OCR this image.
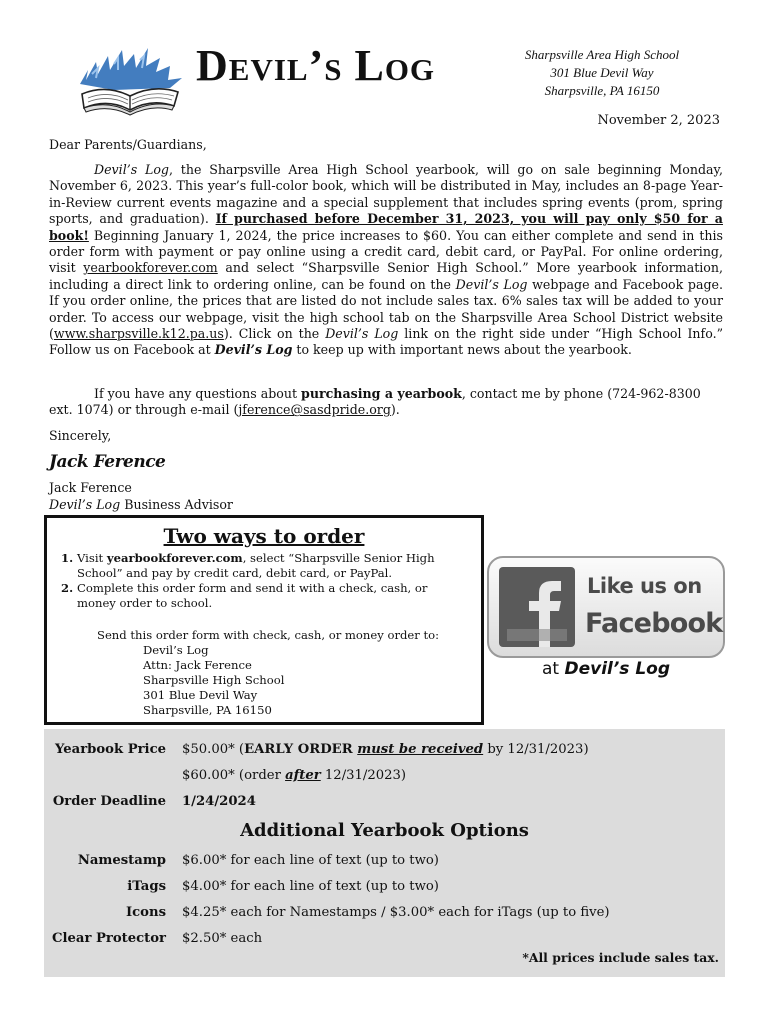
Devil’s Log	Sharpsville Area High School
301 Blue Devil Way
Sharpsville, PA 16150
November 2, 2023
Dear Parents/Guardians,
Devil’s Log, the Sharpsville Area High School yearbook, will go on sale beginning Monday, November 6, 2023. This year’s full-color book, which will be distributed in May, includes an 8-page Year-in-Review current events magazine and a special supplement that includes spring events (prom, spring sports, and graduation). If purchased before December 31, 2023, you will pay only $50 for a book! Beginning January 1, 2024, the price increases to $60. You can either complete and send in this order form with payment or pay online using a credit card, debit card, or PayPal. For online ordering, visit yearbookforever.com and select “Sharpsville Senior High School.” More yearbook information, including a direct link to ordering online, can be found on the Devil’s Log webpage and Facebook page. If you order online, the prices that are listed do not include sales tax. 6% sales tax will be added to your order. To access our webpage, visit the high school tab on the Sharpsville Area School District website (www.sharpsville.k12.pa.us). Click on the Devil’s Log link on the right side under “High School Info.” Follow us on Facebook at Devil’s Log to keep up with important news about the yearbook.
If you have any questions about purchasing a yearbook, contact me by phone (724-962-8300 ext. 1074) or through e-mail (jference@sasdpride.org).
Sincerely,
Jack Ference
Jack Ference
Devil’s Log Business Advisor
Two ways to order
1. Visit yearbookforever.com, select “Sharpsville Senior High School” and pay by credit card, debit card, or PayPal.
2. Complete this order form and send it with a check, cash, or money order to school.
Send this order form with check, cash, or money order to:
Devil’s Log
Attn: Jack Ference
Sharpsville High School
301 Blue Devil Way
Sharpsville, PA 16150
Like us on
Facebook
at Devil’s Log
Yearbook Price $50.00* (EARLY ORDER must be received by 12/31/2023)
$60.00* (order after 12/31/2023)
Order Deadline 1/24/2024
Additional Yearbook Options
Namestamp $6.00* for each line of text (up to two)
iTags $4.00* for each line of text (up to two)
Icons $4.25* each for Namestamps / $3.00* each for iTags (up to five)
Clear Protector $2.50* each
*All prices include sales tax.
